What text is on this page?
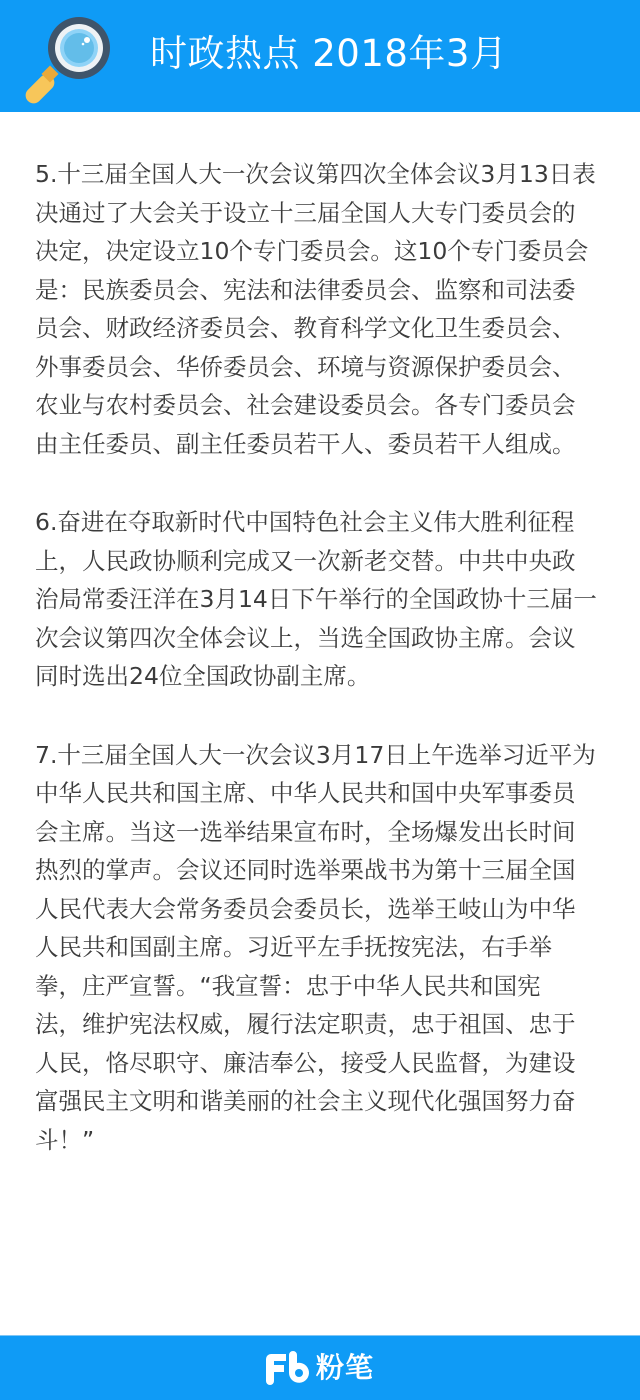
时政热点 2018年3月
5.十三届全国人大一次会议第四次全体会议3月13日表
决通过了大会关于设立十三届全国人大专门委员会的
决定，决定设立10个专门委员会。这10个专门委员会
是：民族委员会、宪法和法律委员会、监察和司法委
员会、财政经济委员会、教育科学文化卫生委员会、
外事委员会、华侨委员会、环境与资源保护委员会、
农业与农村委员会、社会建设委员会。各专门委员会
由主任委员、副主任委员若干人、委员若干人组成。
6.奋进在夺取新时代中国特色社会主义伟大胜利征程
上，人民政协顺利完成又一次新老交替。中共中央政
治局常委汪洋在3月14日下午举行的全国政协十三届一
次会议第四次全体会议上，当选全国政协主席。会议
同时选出24位全国政协副主席。
7.十三届全国人大一次会议3月17日上午选举习近平为
中华人民共和国主席、中华人民共和国中央军事委员
会主席。当这一选举结果宣布时，全场爆发出长时间
热烈的掌声。会议还同时选举栗战书为第十三届全国
人民代表大会常务委员会委员长，选举王岐山为中华
人民共和国副主席。习近平左手抚按宪法，右手举
拳，庄严宣誓。“我宣誓：忠于中华人民共和国宪
法，维护宪法权威，履行法定职责，忠于祖国、忠于
人民，恪尽职守、廉洁奉公，接受人民监督，为建设
富强民主文明和谐美丽的社会主义现代化强国努力奋
斗！”
粉笔
